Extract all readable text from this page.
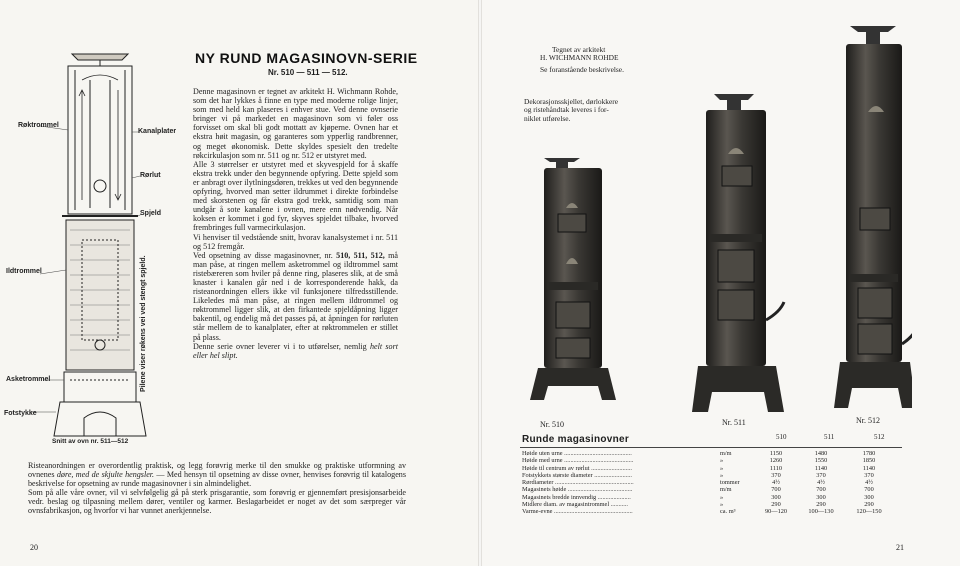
Røktrommel
Kanalplater
Rørlut
Spjeld
Ildtrommel
Asketrommel
Fotstykke
Pilene viser røkens vei ved stengt spjeld.
Snitt av ovn nr. 511—512
NY RUND MAGASINOVN-SERIE
Nr. 510 — 511 — 512.

Denne magasinovn er tegnet av arkitekt H. Wichmann Rohde, som det har lykkes å finne en type med moderne rolige linjer, som med held kan plaseres i enhver stue. Ved denne ovnserie bringer vi på markedet en magasinovn som vi føler oss forvisset om skal bli godt mottatt av kjøperne. Ovnen har et ekstra høit magasin, og garanteres som ypperlig randbrenner, og meget økonomisk. Dette skyldes spesielt den tredelte røkcirkulasjon som nr. 511 og nr. 512 er utstyret med.

Alle 3 størrelser er utstyret med et skyvespjeld for å skaffe ekstra trekk under den begynnende opfyring. Dette spjeld som er anbragt over ilytlningsdøren, trekkes ut ved den begynnende opfyring, hvorved man setter ildrummet i direkte forbindelse med skorstenen og får ekstra god trekk, samtidig som man undgår å sote kanalene i ovnen, mere enn nødvendig. Når koksen er kommet i god fyr, skyves spjeldet tilbake, hvorved frembringes full varmecirkulasjon.

Vi henviser til vedstående snitt, hvorav kanalsystemet i nr. 511 og 512 fremgår.

Ved opsetning av disse magasinovner, nr. 510, 511, 512, må man påse, at ringen mellem asketrommel og ildtrommel samt ristebæreren som hviler på denne ring, plaseres slik, at de små knaster i kanalen går ned i de korresponderende hakk, da risteanordningen ellers ikke vil funksjonere tilfredsstillende. Likeledes må man påse, at ringen mellem ildtrommel og røktrommel ligger slik, at den firkantede spjeldåpning ligger bakentil, og endelig må det passes på, at åpningen for rørluten står mellem de to kanalplater, efter at røktrommelen er stillet på plass.

Denne serie ovner leverer vi i to utførelser, nemlig helt sort eller hel slipt.

Risteanordningen er overordentlig praktisk, og legg forøvrig merke til den smukke og praktiske utformning av ovnenes døre, med de skjulte hengsler. — Med hensyn til opsetning av disse ovner, henvises forøvrig til katalogens beskrivelse for opsetning av runde magasinovner i sin almindelighet.

Som på alle våre ovner, vil vi selvfølgelig gå på sterk prisgarantie, som forøvrig er gjennemført presisjonsarbeide vedr. beslag og tilpasning mellem dører, ventiler og karmer. Beslagarbeidet er noget av det som særpreger vår ovnsfabrikasjon, og hvorfor vi har vunnet anerkjennelse.

20
Tegnet av arkitekt
H. WICHMANN ROHDE
Se foranstående beskrivelse.
Dekorasjonsskjellet, dørlokkere
og ristehåndtak leveres i for-
niklet utførelse.
Nr. 510	Nr. 511	Nr. 512
Runde magasinovner	510	511	512
Høide uten urne ...........................................	m/m	1150	1480	1780
Høide med urne ............................................	»	1260	1550	1850
Høide til centrum av rørlut ..........................	»	1110	1140	1140
Fotstykkets største diameter ........................	»	370	370	370
Rørdiameter ..................................................	tommer	4½	4½	4½
Magasinets høide .........................................	m/m	700	700	700
Magasinets bredde innvendig .....................	»	300	300	300
Midlere diam. av magasintrommel ...........	»	290	290	290
Varme-evne ..................................................	ca. m³	90—120	100—130	120—150
21
